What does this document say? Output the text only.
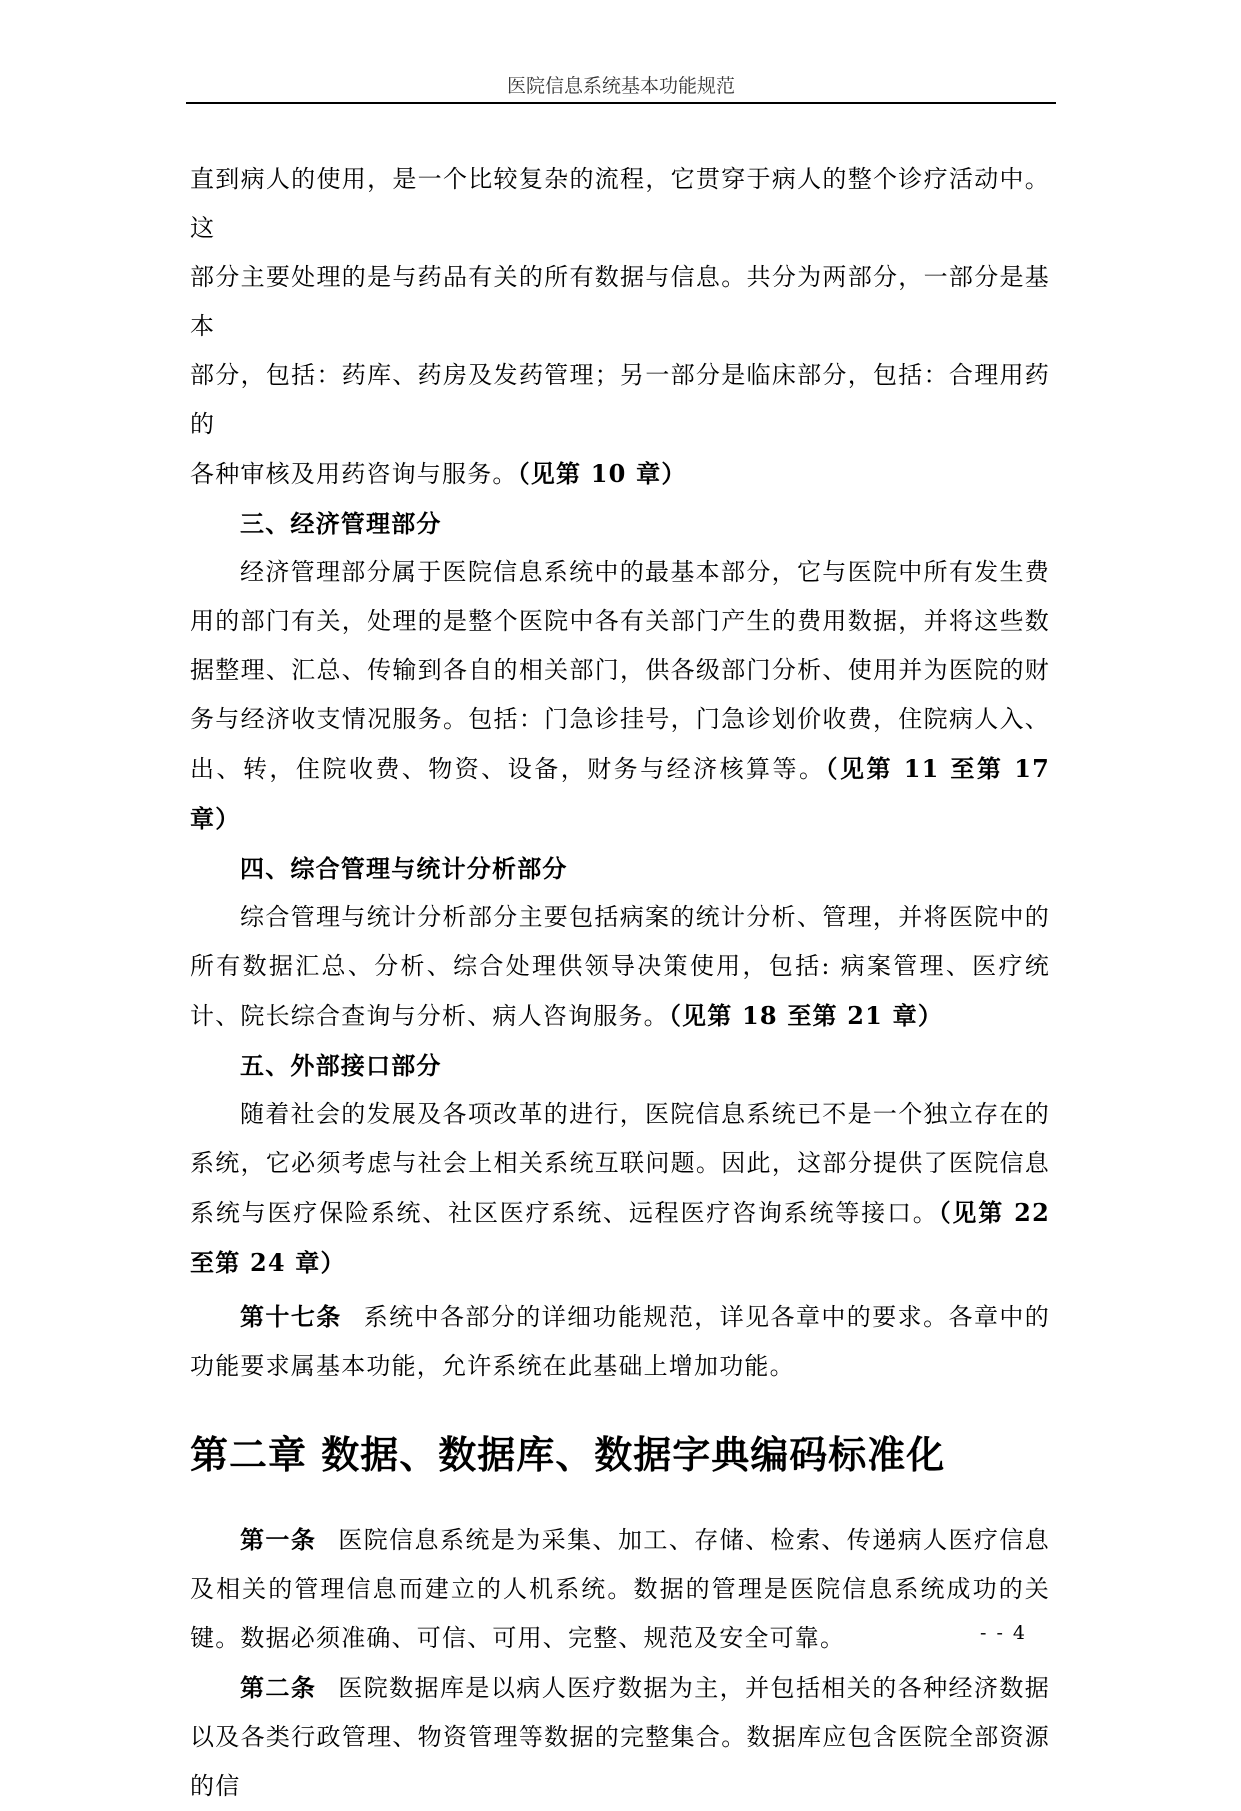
医院信息系统基本功能规范

直到病人的使用，是一个比较复杂的流程，它贯穿于病人的整个诊疗活动中。这
部分主要处理的是与药品有关的所有数据与信息。共分为两部分，一部分是基本
部分，包括：药库、药房及发药管理；另一部分是临床部分，包括：合理用药的
各种审核及用药咨询与服务。（见第 10 章）

三、经济管理部分

经济管理部分属于医院信息系统中的最基本部分，它与医院中所有发生费用的部门有关，处理的是整个医院中各有关部门产生的费用数据，并将这些数据整理、汇总、传输到各自的相关部门，供各级部门分析、使用并为医院的财务与经济收支情况服务。包括：门急诊挂号，门急诊划价收费，住院病人入、出、转，住院收费、物资、设备，财务与经济核算等。（见第 11 至第 17 章）

四、综合管理与统计分析部分

综合管理与统计分析部分主要包括病案的统计分析、管理，并将医院中的所有数据汇总、分析、综合处理供领导决策使用，包括: 病案管理、医疗统计、院长综合查询与分析、病人咨询服务。（见第 18 至第 21 章）

五、外部接口部分

随着社会的发展及各项改革的进行，医院信息系统已不是一个独立存在的系统，它必须考虑与社会上相关系统互联问题。因此，这部分提供了医院信息系统与医疗保险系统、社区医疗系统、远程医疗咨询系统等接口。（见第 22 至第 24 章）

第十七条 系统中各部分的详细功能规范，详见各章中的要求。各章中的功能要求属基本功能，允许系统在此基础上增加功能。

第二章 数据、数据库、数据字典编码标准化

第一条 医院信息系统是为采集、加工、存储、检索、传递病人医疗信息及相关的管理信息而建立的人机系统。数据的管理是医院信息系统成功的关键。数据必须准确、可信、可用、完整、规范及安全可靠。

第二条 医院数据库是以病人医疗数据为主，并包括相关的各种经济数据以及各类行政管理、物资管理等数据的完整集合。数据库应包含医院全部资源的信

- - 4
